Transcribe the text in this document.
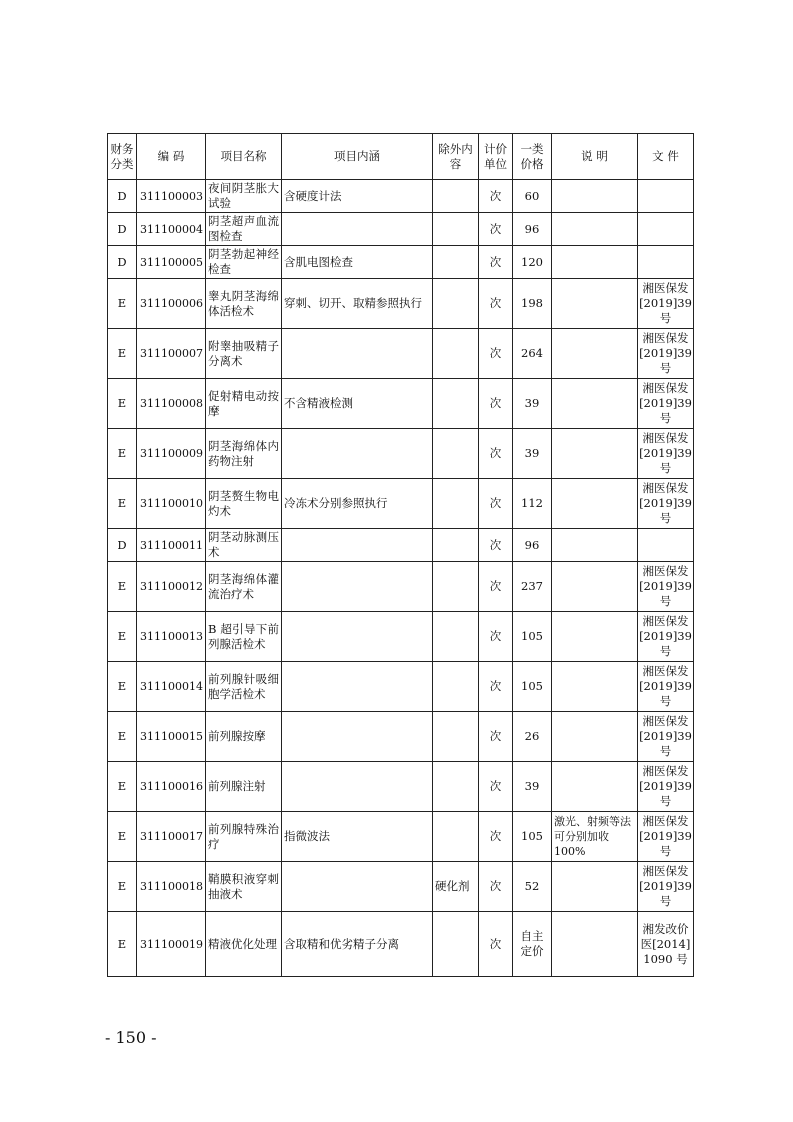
财务分类	编 码	项目名称	项目内涵	除外内容	计价单位	一类价格	说 明	文 件
D	311100003	夜间阴茎胀大试验	含硬度计法		次	60		
D	311100004	阴茎超声血流图检查			次	96		
D	311100005	阴茎勃起神经检查	含肌电图检查		次	120		
E	311100006	睾丸阴茎海绵体活检术	穿刺、切开、取精参照执行		次	198		湘医保发[2019]39号
E	311100007	附睾抽吸精子分离术			次	264		湘医保发[2019]39号
E	311100008	促射精电动按摩	不含精液检测		次	39		湘医保发[2019]39号
E	311100009	阴茎海绵体内药物注射			次	39		湘医保发[2019]39号
E	311100010	阴茎赘生物电灼术	冷冻术分别参照执行		次	112		湘医保发[2019]39号
D	311100011	阴茎动脉测压术			次	96		
E	311100012	阴茎海绵体灌流治疗术			次	237		湘医保发[2019]39号
E	311100013	B 超引导下前列腺活检术			次	105		湘医保发[2019]39号
E	311100014	前列腺针吸细胞学活检术			次	105		湘医保发[2019]39号
E	311100015	前列腺按摩			次	26		湘医保发[2019]39号
E	311100016	前列腺注射			次	39		湘医保发[2019]39号
E	311100017	前列腺特殊治疗	指微波法		次	105	激光、射频等法可分别加收 100%	湘医保发[2019]39号
E	311100018	鞘膜积液穿刺抽液术		硬化剂	次	52		湘医保发[2019]39号
E	311100019	精液优化处理	含取精和优劣精子分离		次	自主定价		湘发改价医[2014]1090 号
- 150 -
